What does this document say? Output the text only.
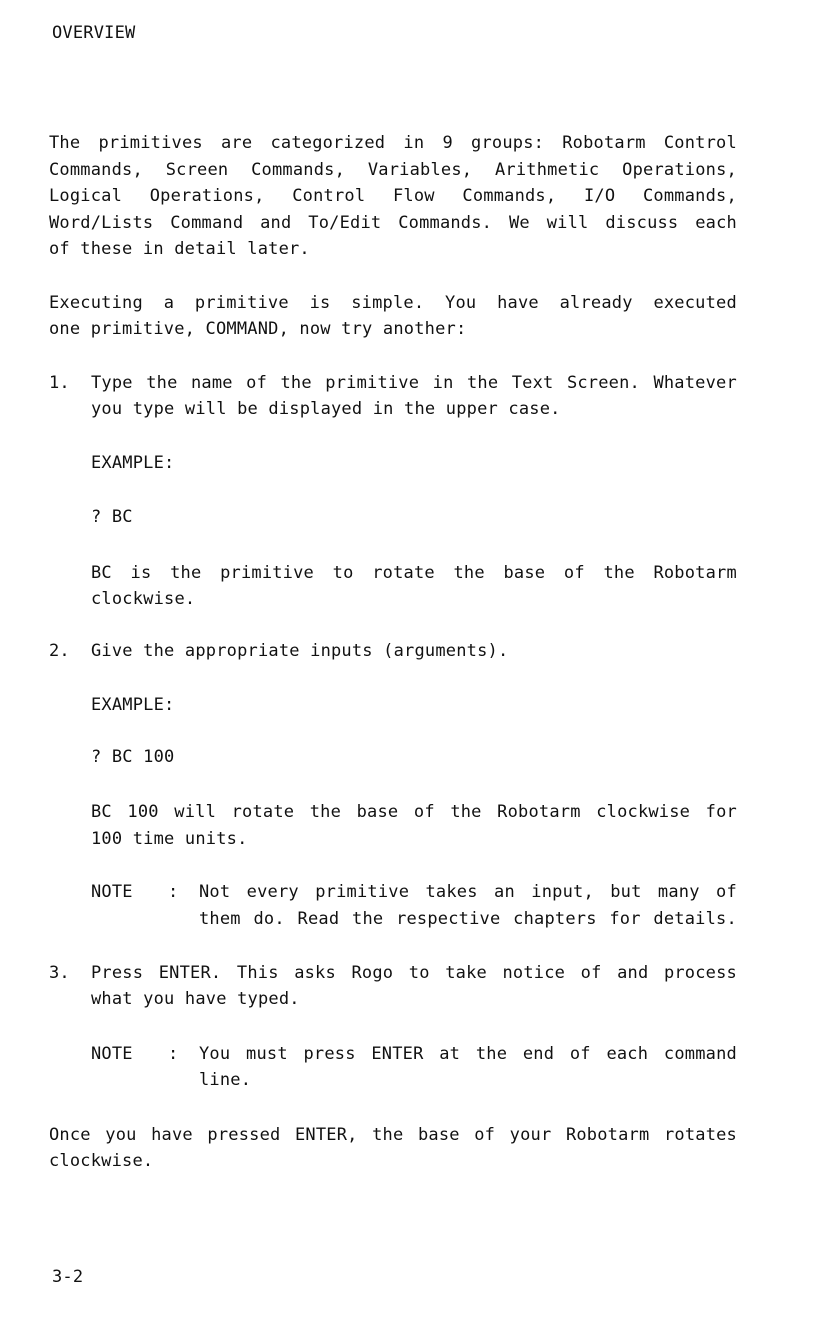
OVERVIEW
The primitives are categorized in 9 groups: Robotarm Control
Commands, Screen Commands, Variables, Arithmetic Operations,
Logical Operations, Control Flow Commands, I/O Commands,
Word/Lists Command and To/Edit Commands. We will discuss each
of these in detail later.
Executing a primitive is simple. You have already executed
one primitive, COMMAND, now try another:
1. Type the name of the primitive in the Text Screen. Whatever
you type will be displayed in the upper case.
EXAMPLE:
? BC
BC is the primitive to rotate the base of the Robotarm
clockwise.
2. Give the appropriate inputs (arguments).
EXAMPLE:
? BC 100
BC 100 will rotate the base of the Robotarm clockwise for
100 time units.
NOTE : Not every primitive takes an input, but many of
them do. Read the respective chapters for details.
3. Press ENTER. This asks Rogo to take notice of and process
what you have typed.
NOTE : You must press ENTER at the end of each command
line.
Once you have pressed ENTER, the base of your Robotarm rotates
clockwise.
3-2
